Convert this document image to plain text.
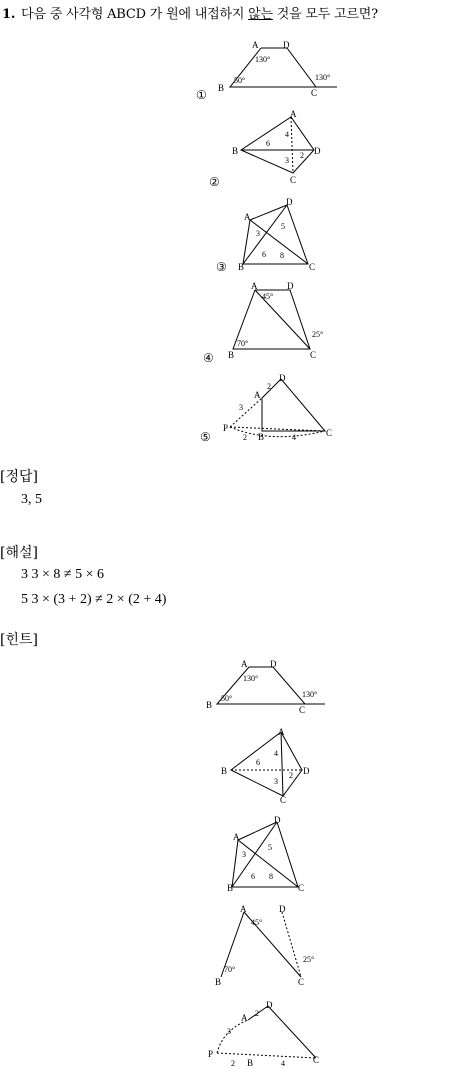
1. 다음 중 사각형 ABCD 가 원에 내접하지 않는 것을 모두 고르면?
①
A	D
B	C
130°
50°	130°
②
A
B	D
C
4
6
3
2
③
D
A
B	C
3
5
6 8
④
A	D
B	C
45°
25°
70°
⑤
D
A
P
B	C
2
3
2	4
A	D
B	C
130°
50°	130°
A
B	D
C
4
6
3
2
D
A
B	C
3
5
6 8
A	D
B	C
45°
25°
70°
D
A
P
B	C
2
3
2	4
[정답]
3, 5
[해설]
3 3 × 8 ≠ 5 × 6
5 3 × (3 + 2) ≠ 2 × (2 + 4)
[힌트]
